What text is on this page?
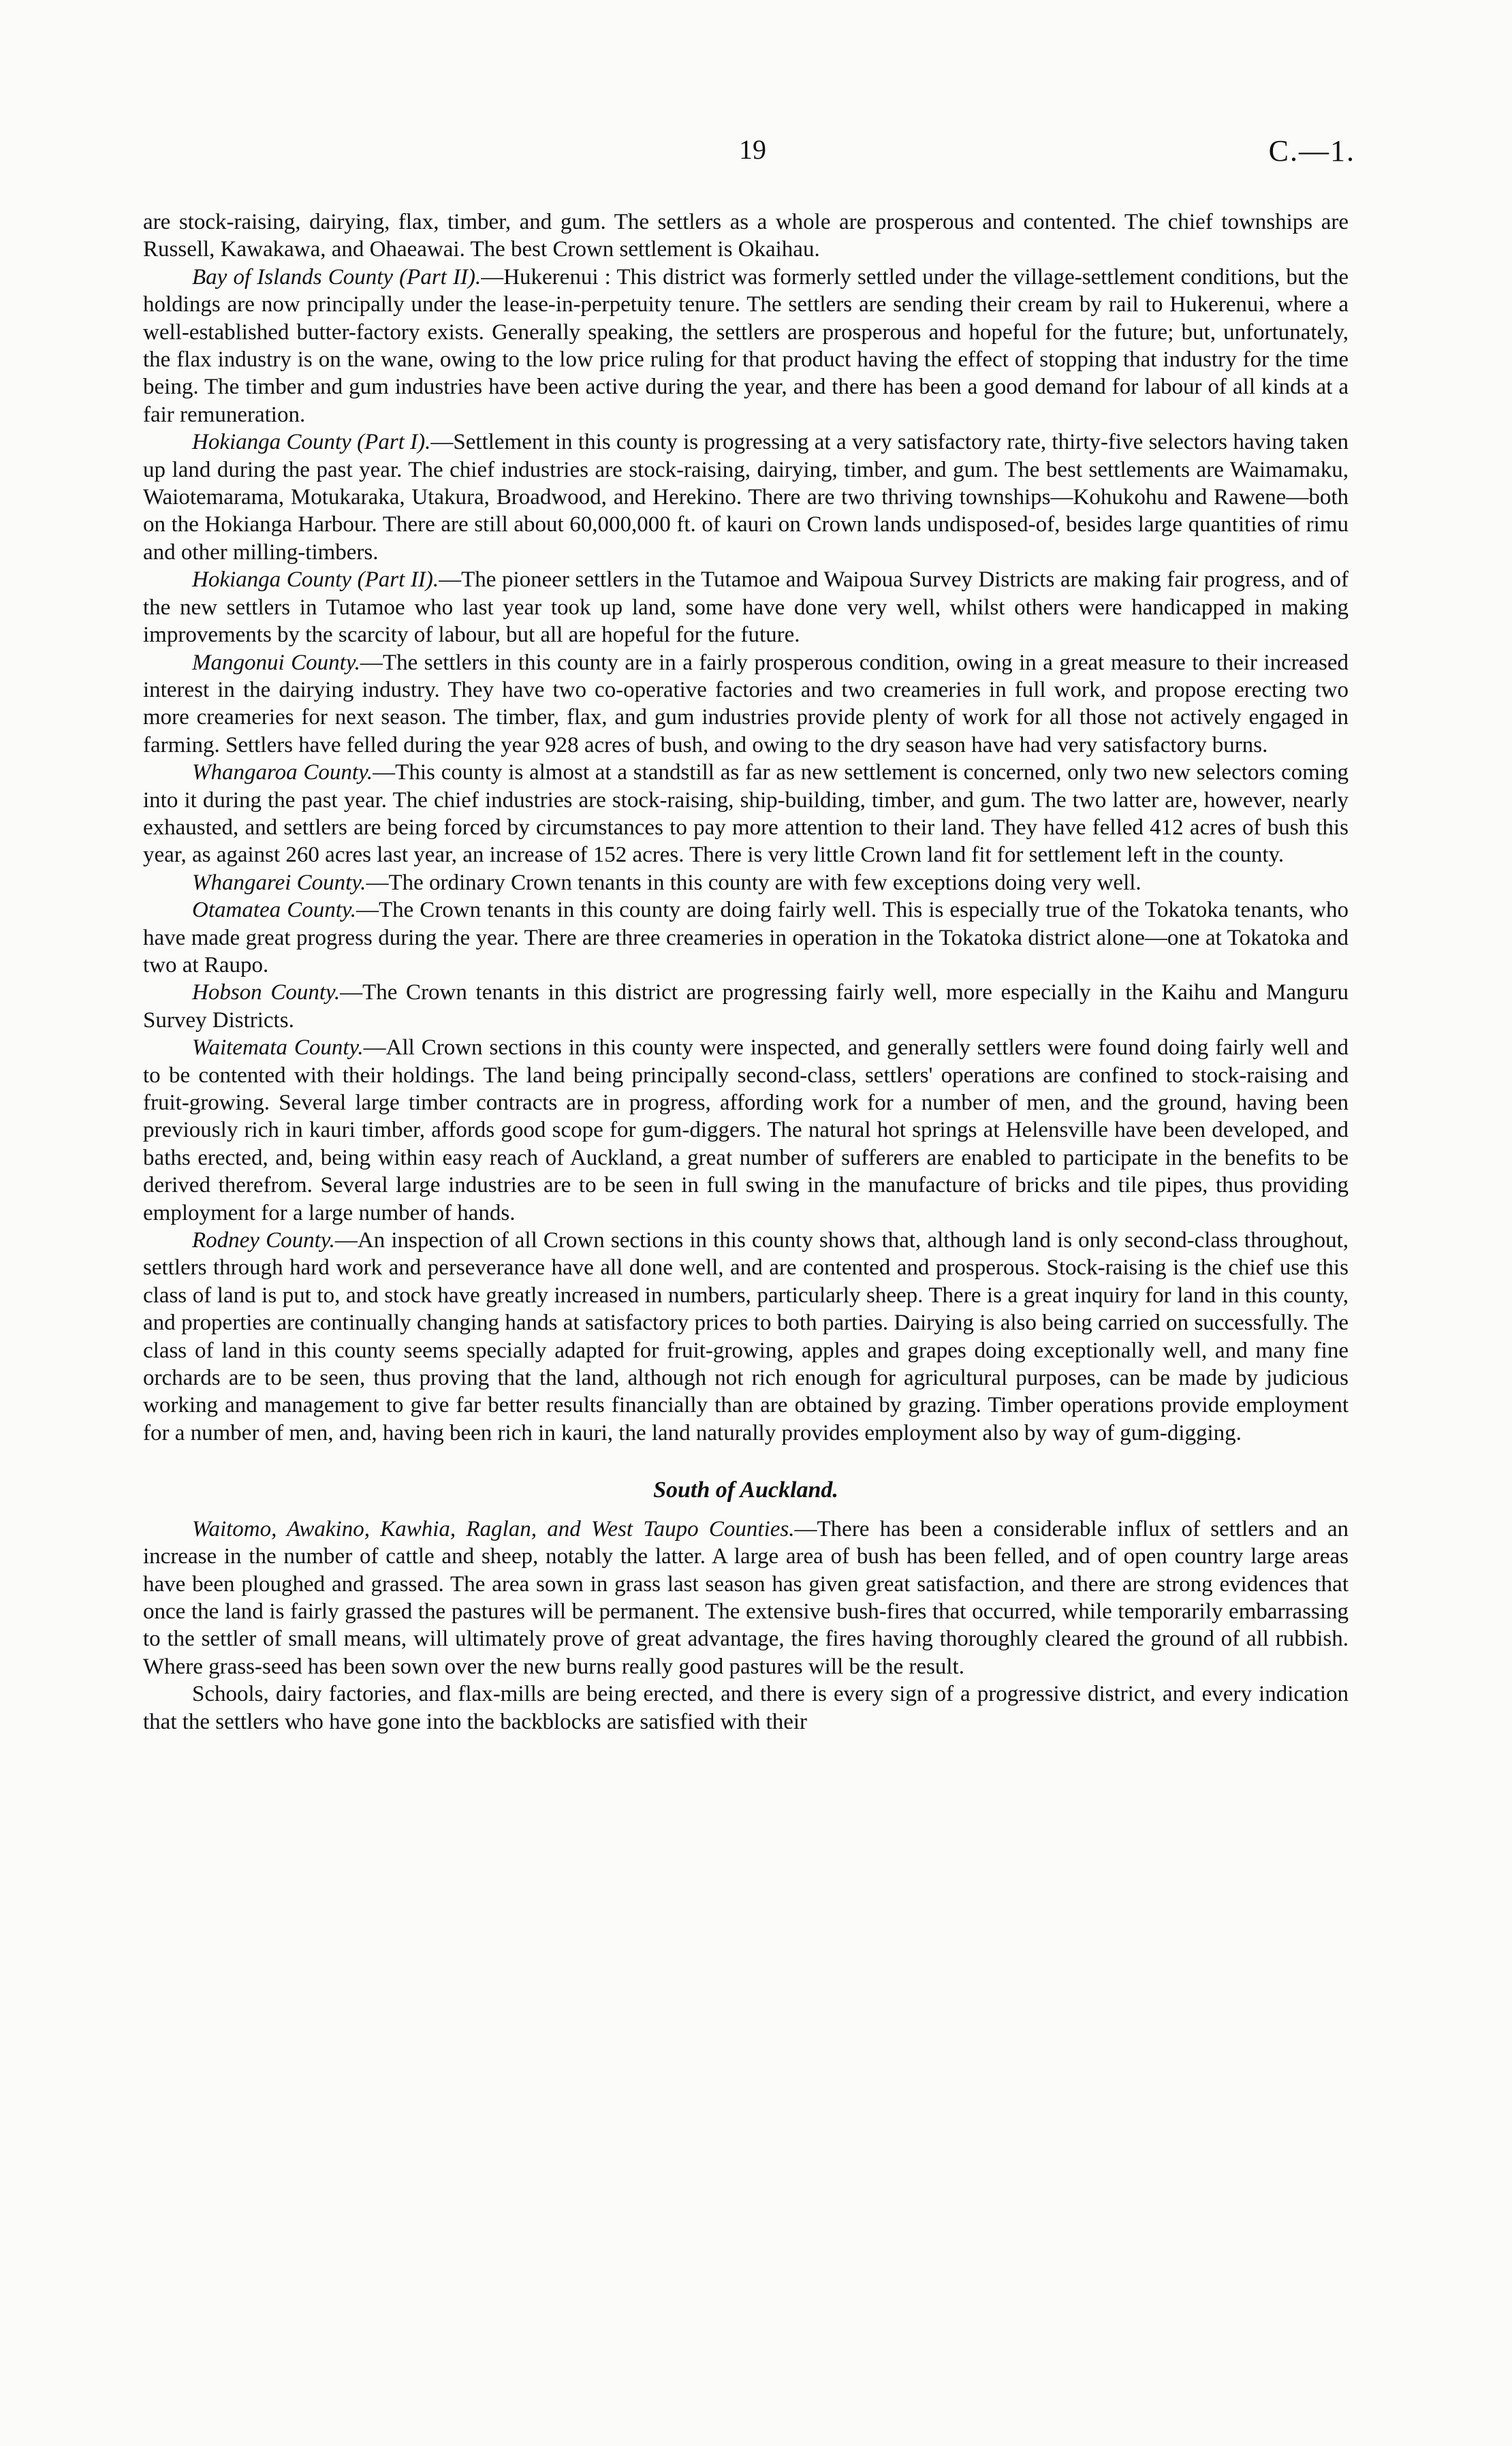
19	C.—1.

are stock-raising, dairying, flax, timber, and gum. The settlers as a whole are prosperous and contented. The chief townships are Russell, Kawakawa, and Ohaeawai. The best Crown settlement is Okaihau.

Bay of Islands County (Part II).—Hukerenui : This district was formerly settled under the village-settlement conditions, but the holdings are now principally under the lease-in-perpetuity tenure. The settlers are sending their cream by rail to Hukerenui, where a well-established butter-factory exists. Generally speaking, the settlers are prosperous and hopeful for the future; but, unfortunately, the flax industry is on the wane, owing to the low price ruling for that product having the effect of stopping that industry for the time being. The timber and gum industries have been active during the year, and there has been a good demand for labour of all kinds at a fair remuneration.

Hokianga County (Part I).—Settlement in this county is progressing at a very satisfactory rate, thirty-five selectors having taken up land during the past year. The chief industries are stock-raising, dairying, timber, and gum. The best settlements are Waimamaku, Waiotemarama, Motukaraka, Utakura, Broadwood, and Herekino. There are two thriving townships—Kohukohu and Rawene—both on the Hokianga Harbour. There are still about 60,000,000 ft. of kauri on Crown lands undisposed-of, besides large quantities of rimu and other milling-timbers.

Hokianga County (Part II).—The pioneer settlers in the Tutamoe and Waipoua Survey Districts are making fair progress, and of the new settlers in Tutamoe who last year took up land, some have done very well, whilst others were handicapped in making improvements by the scarcity of labour, but all are hopeful for the future.

Mangonui County.—The settlers in this county are in a fairly prosperous condition, owing in a great measure to their increased interest in the dairying industry. They have two co-operative factories and two creameries in full work, and propose erecting two more creameries for next season. The timber, flax, and gum industries provide plenty of work for all those not actively engaged in farming. Settlers have felled during the year 928 acres of bush, and owing to the dry season have had very satisfactory burns.

Whangaroa County.—This county is almost at a standstill as far as new settlement is concerned, only two new selectors coming into it during the past year. The chief industries are stock-raising, ship-building, timber, and gum. The two latter are, however, nearly exhausted, and settlers are being forced by circumstances to pay more attention to their land. They have felled 412 acres of bush this year, as against 260 acres last year, an increase of 152 acres. There is very little Crown land fit for settlement left in the county.

Whangarei County.—The ordinary Crown tenants in this county are with few exceptions doing very well.

Otamatea County.—The Crown tenants in this county are doing fairly well. This is especially true of the Tokatoka tenants, who have made great progress during the year. There are three creameries in operation in the Tokatoka district alone—one at Tokatoka and two at Raupo.

Hobson County.—The Crown tenants in this district are progressing fairly well, more especially in the Kaihu and Manguru Survey Districts.

Waitemata County.—All Crown sections in this county were inspected, and generally settlers were found doing fairly well and to be contented with their holdings. The land being principally second-class, settlers' operations are confined to stock-raising and fruit-growing. Several large timber contracts are in progress, affording work for a number of men, and the ground, having been previously rich in kauri timber, affords good scope for gum-diggers. The natural hot springs at Helensville have been developed, and baths erected, and, being within easy reach of Auckland, a great number of sufferers are enabled to participate in the benefits to be derived therefrom. Several large industries are to be seen in full swing in the manufacture of bricks and tile pipes, thus providing employment for a large number of hands.

Rodney County.—An inspection of all Crown sections in this county shows that, although land is only second-class throughout, settlers through hard work and perseverance have all done well, and are contented and prosperous. Stock-raising is the chief use this class of land is put to, and stock have greatly increased in numbers, particularly sheep. There is a great inquiry for land in this county, and properties are continually changing hands at satisfactory prices to both parties. Dairying is also being carried on successfully. The class of land in this county seems specially adapted for fruit-growing, apples and grapes doing exceptionally well, and many fine orchards are to be seen, thus proving that the land, although not rich enough for agricultural purposes, can be made by judicious working and management to give far better results financially than are obtained by grazing. Timber operations provide employment for a number of men, and, having been rich in kauri, the land naturally provides employment also by way of gum-digging.

South of Auckland.

Waitomo, Awakino, Kawhia, Raglan, and West Taupo Counties.—There has been a considerable influx of settlers and an increase in the number of cattle and sheep, notably the latter. A large area of bush has been felled, and of open country large areas have been ploughed and grassed. The area sown in grass last season has given great satisfaction, and there are strong evidences that once the land is fairly grassed the pastures will be permanent. The extensive bush-fires that occurred, while temporarily embarrassing to the settler of small means, will ultimately prove of great advantage, the fires having thoroughly cleared the ground of all rubbish. Where grass-seed has been sown over the new burns really good pastures will be the result.

Schools, dairy factories, and flax-mills are being erected, and there is every sign of a progressive district, and every indication that the settlers who have gone into the backblocks are satisfied with their
